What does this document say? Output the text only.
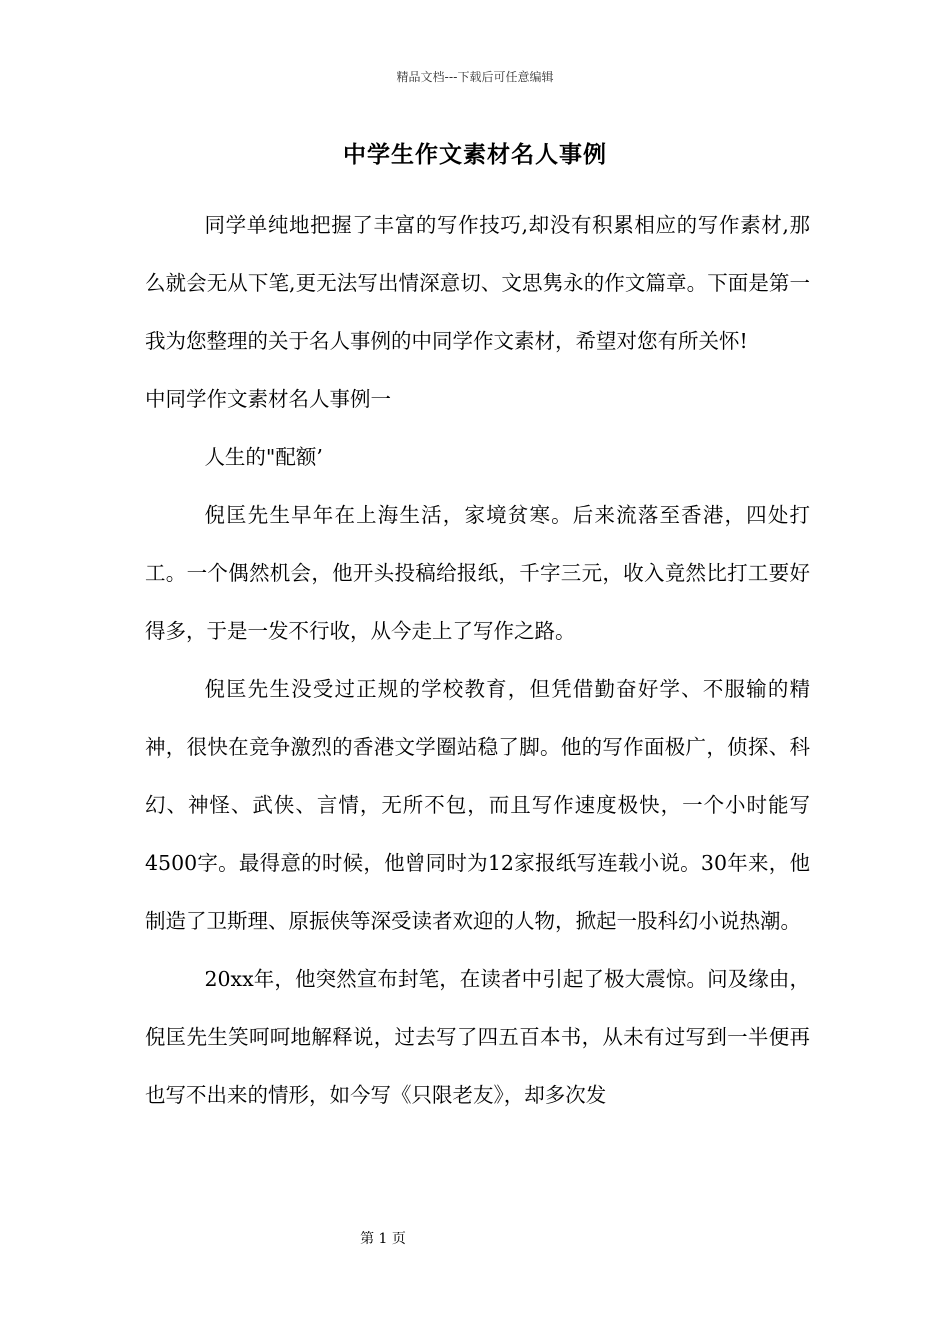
精品文档---下载后可任意编辑
中学生作文素材名人事例

同学单纯地把握了丰富的写作技巧,却没有积累相应的写作素材,那么就会无从下笔,更无法写出情深意切、文思隽永的作文篇章。下面是第一我为您整理的关于名人事例的中同学作文素材，希望对您有所关怀!

中同学作文素材名人事例一

人生的"配额’

倪匡先生早年在上海生活，家境贫寒。后来流落至香港，四处打工。一个偶然机会，他开头投稿给报纸，千字三元，收入竟然比打工要好得多，于是一发不行收，从今走上了写作之路。

倪匡先生没受过正规的学校教育，但凭借勤奋好学、不服输的精神，很快在竞争激烈的香港文学圈站稳了脚。他的写作面极广，侦探、科幻、神怪、武侠、言情，无所不包，而且写作速度极快，一个小时能写4500字。最得意的时候，他曾同时为12家报纸写连载小说。30年来，他制造了卫斯理、原振侠等深受读者欢迎的人物，掀起一股科幻小说热潮。

20xx年，他突然宣布封笔，在读者中引起了极大震惊。问及缘由，倪匡先生笑呵呵地解释说，过去写了四五百本书，从未有过写到一半便再也写不出来的情形，如今写《只限老友》，却多次发

第 1 页
